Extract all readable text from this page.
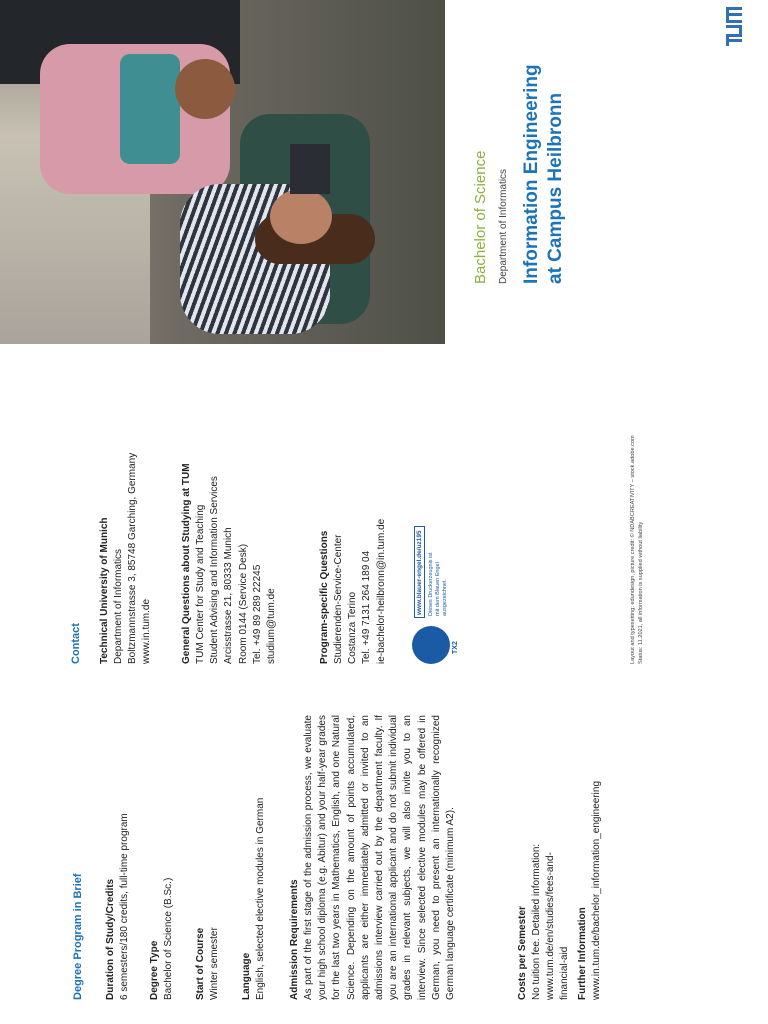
Degree Program in Brief Duration of Study/Credits 6 semesters/180 credits, full-time program Degree Type Bachelor of Science (B.Sc.) Start of Course Winter semester Language English, selected elective modules in German Admission Requirements As part of the first stage of the admission process, we evaluate your high school diploma (e.g. Abitur) and your half-year grades for the last two years in Mathematics, English, and one Natural Science. Depending on the amount of points accumulated, applicants are either immediately admitted or invited to an admissions interview carried out by the department faculty. If you are an international applicant and do not submit individual grades in relevant subjects, we will also invite you to an interview. Since selected elective modules may be offered in German, you need to present an internationally recognized German language certificate (minimum A2).	Costs per Semester No tuition fee. Detailed information: www.tum.de/en/studies/fees-and-financial-aid Further Information www.in.tum.de/bachelor_information_engineering
Contact Technical University of Munich Department of Informatics Boltzmannstrasse 3, 85748 Garching, Germany www.in.tum.de	General Questions about Studying at TUM TUM Center for Study and Teaching Student Advising and Information Services Arcisstrasse 21, 80333 Munich Room 0144 (Service Desk) Tel. +49 89 289 22245 studium@tum.de	Program-specific Questions Studierenden-Service-Center Costanza Terino Tel. +49 7131 264 189 04 ie-bachelor-heilbronn@in.tum.de	TX2
www.blauer-engel.de/uz195 Dieses Druckerzeugnis ist mit dem Blauen Engel ausgezeichnet.	Layout and typesetting: edundesign, picture credit: © NDABCREATIVITY – stock.adobe.com Status: 11.2021, all information is supplied without liability
Bachelor of Science Department of Informatics Information Engineering at Campus Heilbronn
